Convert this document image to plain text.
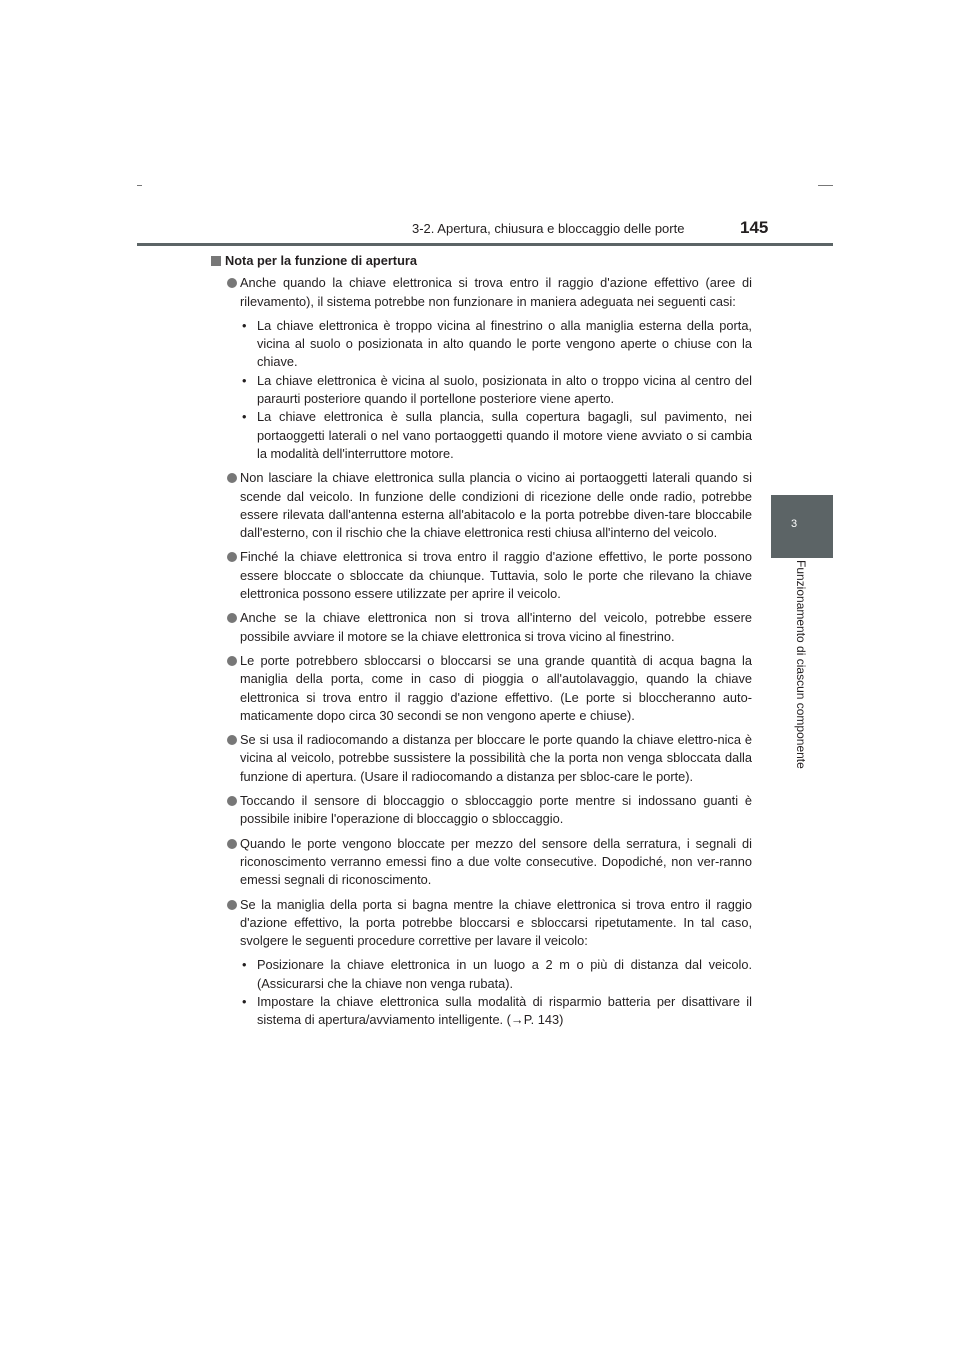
3-2. Apertura, chiusura e bloccaggio delle porte	145
3
Funzionamento di ciascun componente
Nota per la funzione di apertura
Anche quando la chiave elettronica si trova entro il raggio d'azione effettivo (aree di rilevamento), il sistema potrebbe non funzionare in maniera adeguata nei seguenti casi:
• La chiave elettronica è troppo vicina al finestrino o alla maniglia esterna della porta, vicina al suolo o posizionata in alto quando le porte vengono aperte o chiuse con la chiave.
• La chiave elettronica è vicina al suolo, posizionata in alto o troppo vicina al centro del paraurti posteriore quando il portellone posteriore viene aperto.
• La chiave elettronica è sulla plancia, sulla copertura bagagli, sul pavimento, nei portaoggetti laterali o nel vano portaoggetti quando il motore viene avviato o si cambia la modalità dell'interruttore motore.
Non lasciare la chiave elettronica sulla plancia o vicino ai portaoggetti laterali quando si scende dal veicolo. In funzione delle condizioni di ricezione delle onde radio, potrebbe essere rilevata dall'antenna esterna all'abitacolo e la porta potrebbe diven-tare bloccabile dall'esterno, con il rischio che la chiave elettronica resti chiusa all'interno del veicolo.
Finché la chiave elettronica si trova entro il raggio d'azione effettivo, le porte possono essere bloccate o sbloccate da chiunque. Tuttavia, solo le porte che rilevano la chiave elettronica possono essere utilizzate per aprire il veicolo.
Anche se la chiave elettronica non si trova all'interno del veicolo, potrebbe essere possibile avviare il motore se la chiave elettronica si trova vicino al finestrino.
Le porte potrebbero sbloccarsi o bloccarsi se una grande quantità di acqua bagna la maniglia della porta, come in caso di pioggia o all'autolavaggio, quando la chiave elettronica si trova entro il raggio d'azione effettivo. (Le porte si bloccheranno auto-maticamente dopo circa 30 secondi se non vengono aperte e chiuse).
Se si usa il radiocomando a distanza per bloccare le porte quando la chiave elettro-nica è vicina al veicolo, potrebbe sussistere la possibilità che la porta non venga sbloccata dalla funzione di apertura. (Usare il radiocomando a distanza per sbloc-care le porte).
Toccando il sensore di bloccaggio o sbloccaggio porte mentre si indossano guanti è possibile inibire l'operazione di bloccaggio o sbloccaggio.
Quando le porte vengono bloccate per mezzo del sensore della serratura, i segnali di riconoscimento verranno emessi fino a due volte consecutive. Dopodiché, non ver-ranno emessi segnali di riconoscimento.
Se la maniglia della porta si bagna mentre la chiave elettronica si trova entro il raggio d'azione effettivo, la porta potrebbe bloccarsi e sbloccarsi ripetutamente. In tal caso, svolgere le seguenti procedure correttive per lavare il veicolo:
• Posizionare la chiave elettronica in un luogo a 2 m o più di distanza dal veicolo. (Assicurarsi che la chiave non venga rubata).
• Impostare la chiave elettronica sulla modalità di risparmio batteria per disattivare il sistema di apertura/avviamento intelligente. (→P. 143)
